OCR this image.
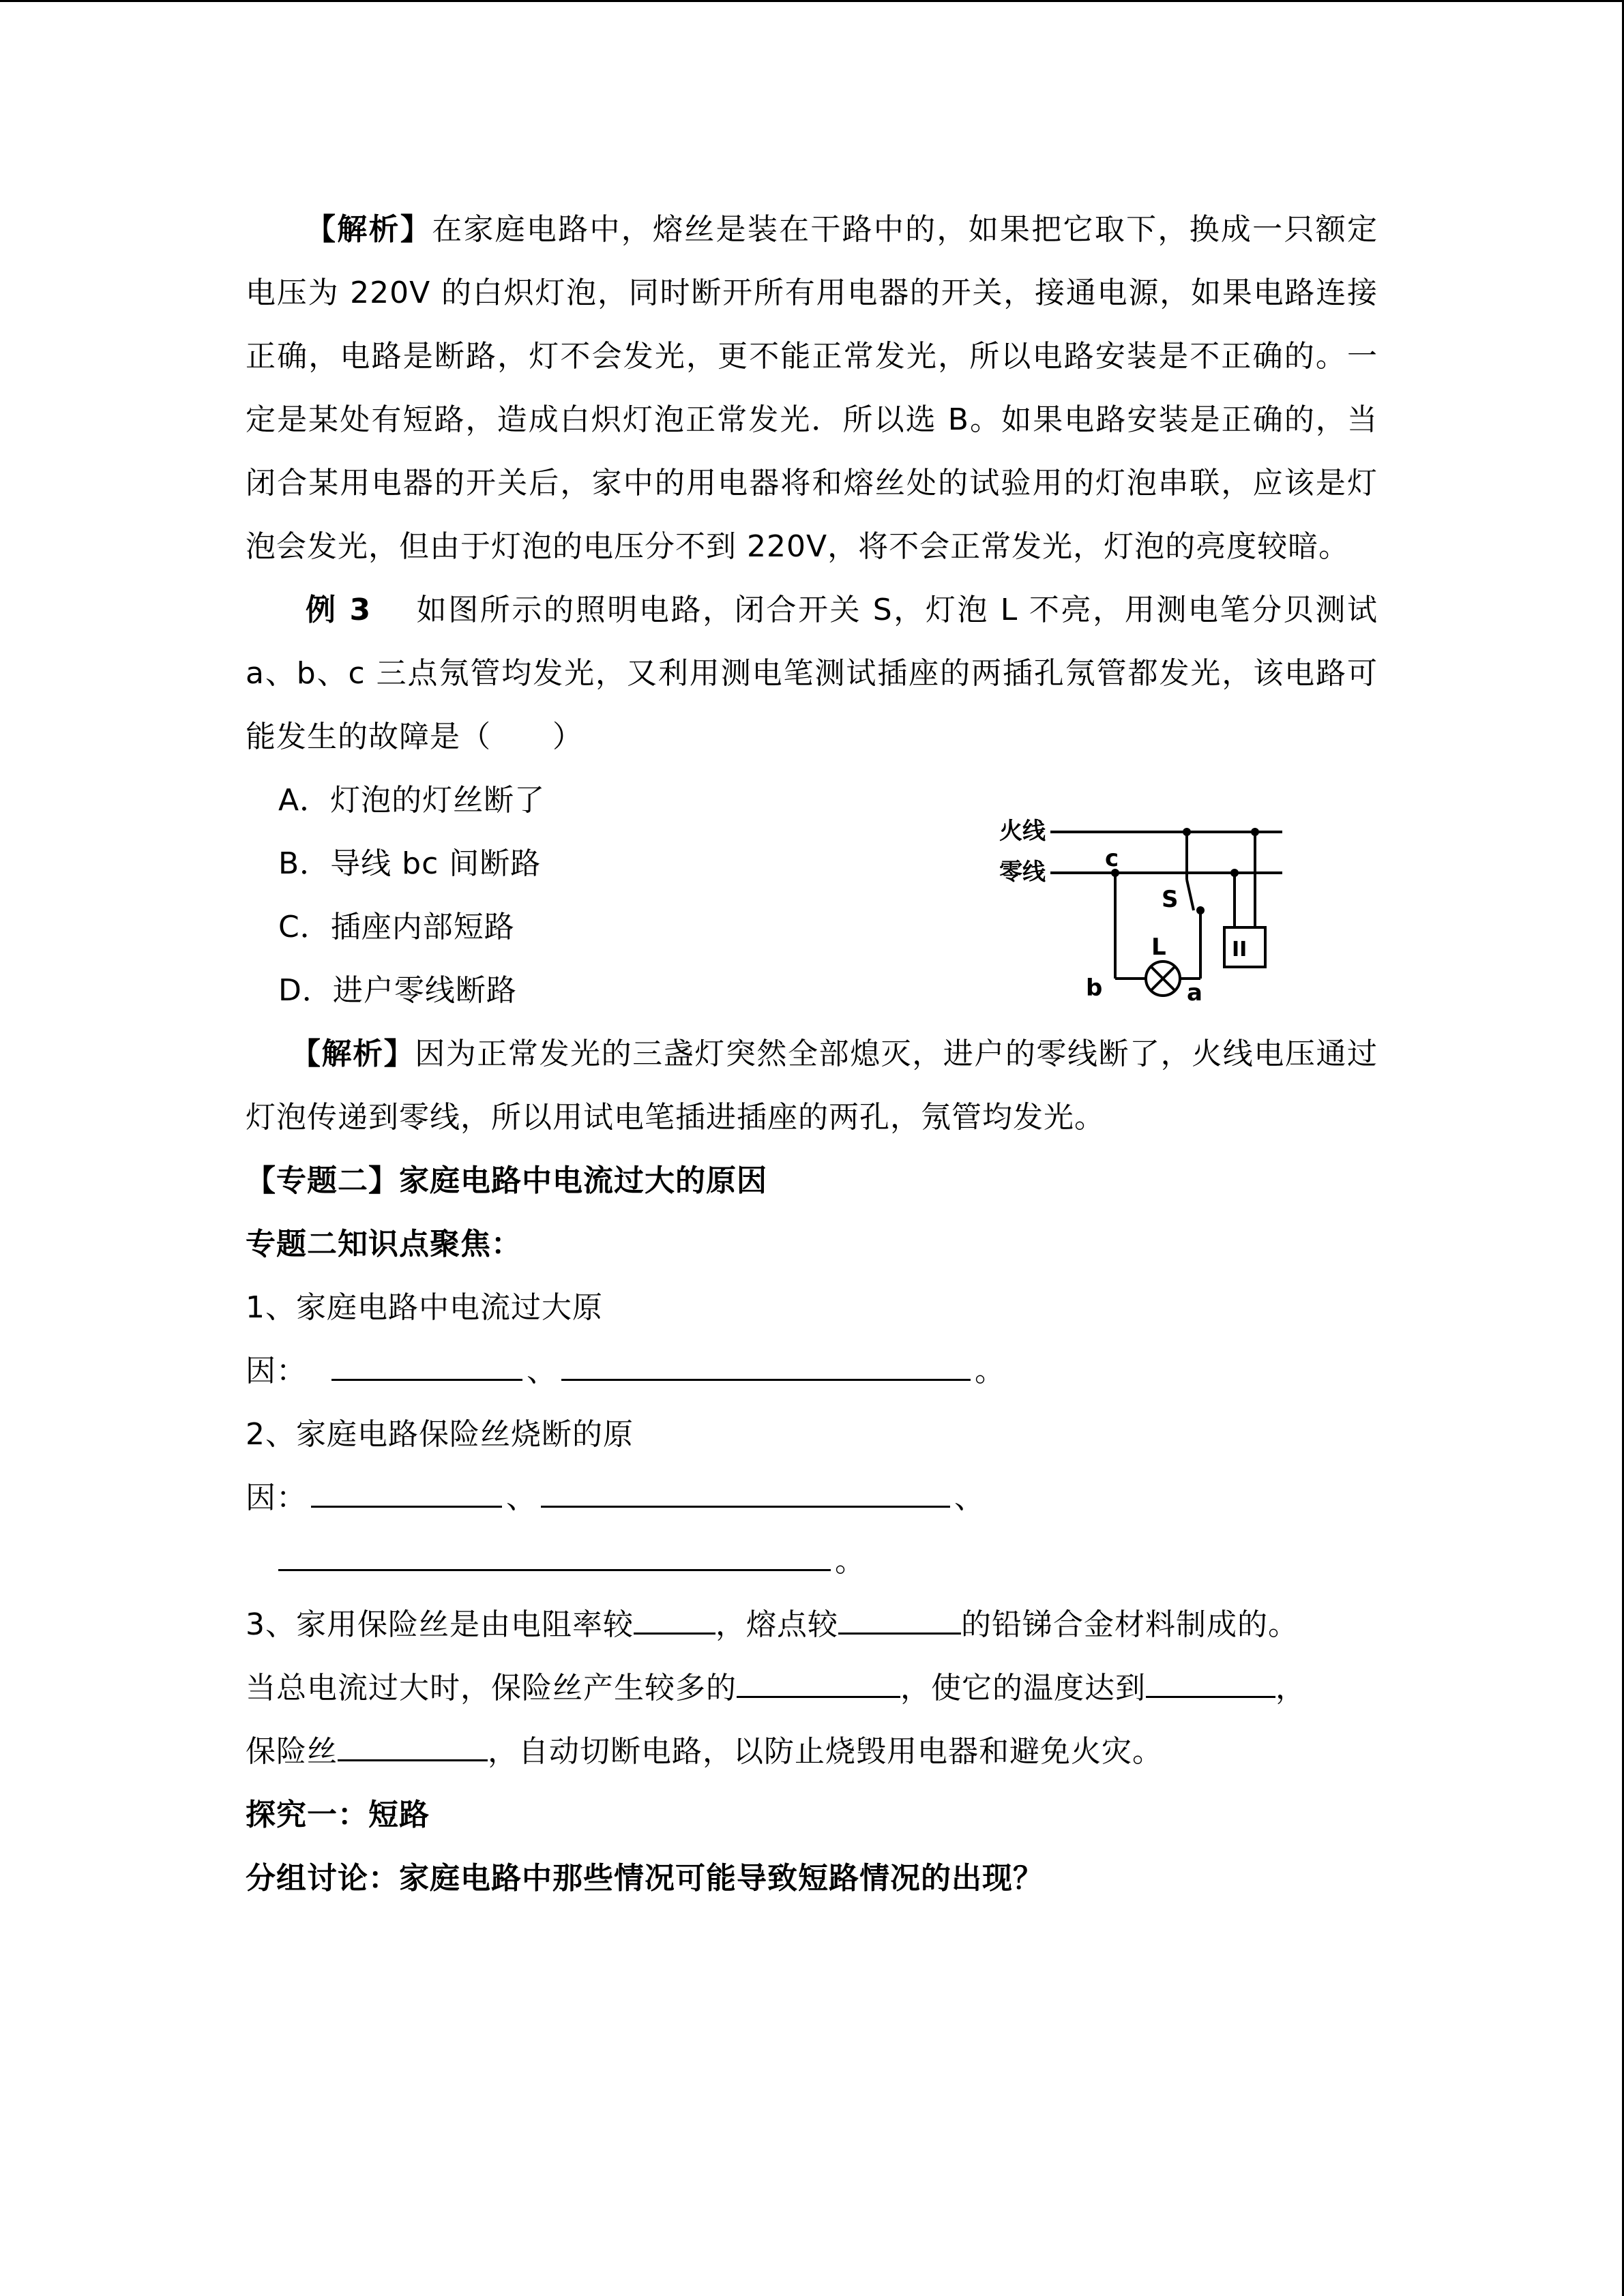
【解析】在家庭电路中，熔丝是装在干路中的，如果把它取下，换成一只额定电压为 220V 的白炽灯泡，同时断开所有用电器的开关，接通电源，如果电路连接正确，电路是断路，灯不会发光，更不能正常发光，所以电路安装是不正确的。一定是某处有短路，造成白炽灯泡正常发光．所以选 B。如果电路安装是正确的，当闭合某用电器的开关后，家中的用电器将和熔丝处的试验用的灯泡串联，应该是灯泡会发光，但由于灯泡的电压分不到 220V，将不会正常发光，灯泡的亮度较暗。

例 3 如图所示的照明电路，闭合开关 S，灯泡 L 不亮，用测电笔分贝测试 a、b、c 三点氖管均发光，又利用测电笔测试插座的两插孔氖管都发光，该电路可能发生的故障是（　　）

A．灯泡的灯丝断了

B．导线 bc 间断路

C．插座内部短路

D．进户零线断路

【解析】因为正常发光的三盏灯突然全部熄灭，进户的零线断了，火线电压通过灯泡传递到零线，所以用试电笔插进插座的两孔，氖管均发光。

【专题二】家庭电路中电流过大的原因

专题二知识点聚焦：

1、家庭电路中电流过大原

因：	、	。

2、家庭电路保险丝烧断的原

因：	、	、

。

3、家用保险丝是由电阻率较	，熔点较	的铅锑合金材料制成的。

当总电流过大时，保险丝产生较多的	，使它的温度达到	，

保险丝	，自动切断电路，以防止烧毁用电器和避免火灾。

探究一：短路

分组讨论：家庭电路中那些情况可能导致短路情况的出现？

火线
零线	c
b	a
S
L	II
